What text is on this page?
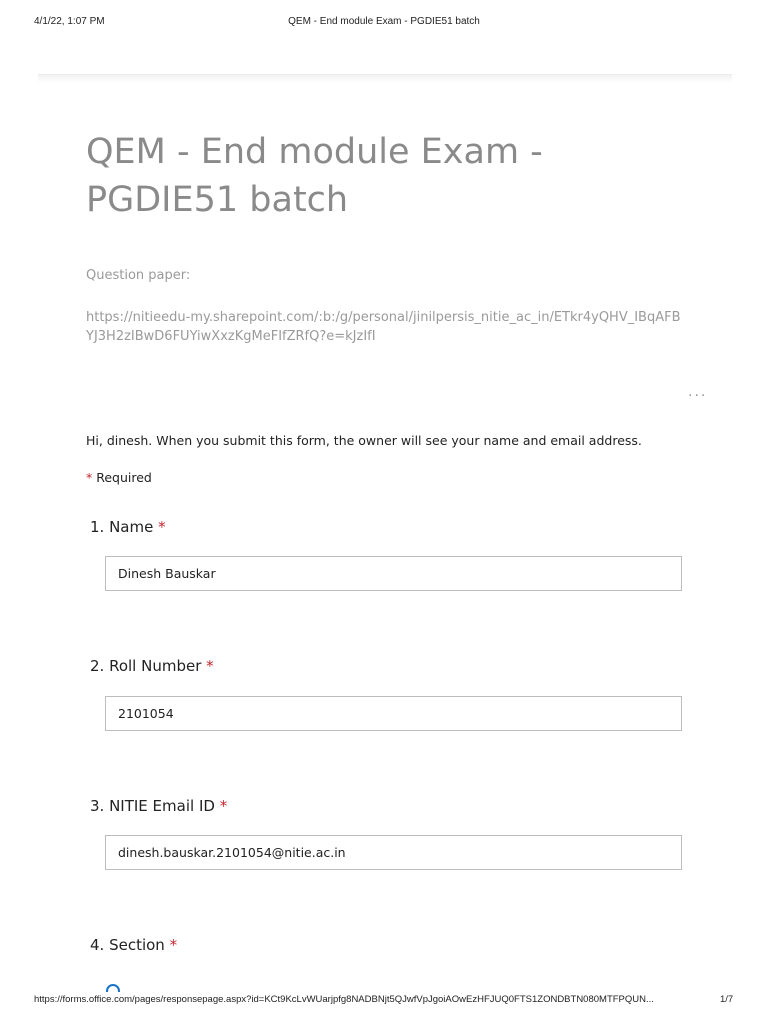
4/1/22, 1:07 PM	QEM - End module Exam - PGDIE51 batch
QEM - End module Exam - PGDIE51 batch
Question paper:
https://nitieedu-my.sharepoint.com/:b:/g/personal/jinilpersis_nitie_ac_in/ETkr4yQHV_IBqAFBYJ3H2zIBwD6FUYiwXxzKgMeFIfZRfQ?e=kJzIfI
...
Hi, dinesh. When you submit this form, the owner will see your name and email address.
* Required
1. Name *
Dinesh Bauskar
2. Roll Number *
2101054
3. NITIE Email ID *
dinesh.bauskar.2101054@nitie.ac.in
4. Section *
https://forms.office.com/pages/responsepage.aspx?id=KCt9KcLvWUarjpfg8NADBNjt5QJwfVpJgoiAOwEzHFJUQ0FTS1ZONDBTN080MTFPQUN...	1/7
